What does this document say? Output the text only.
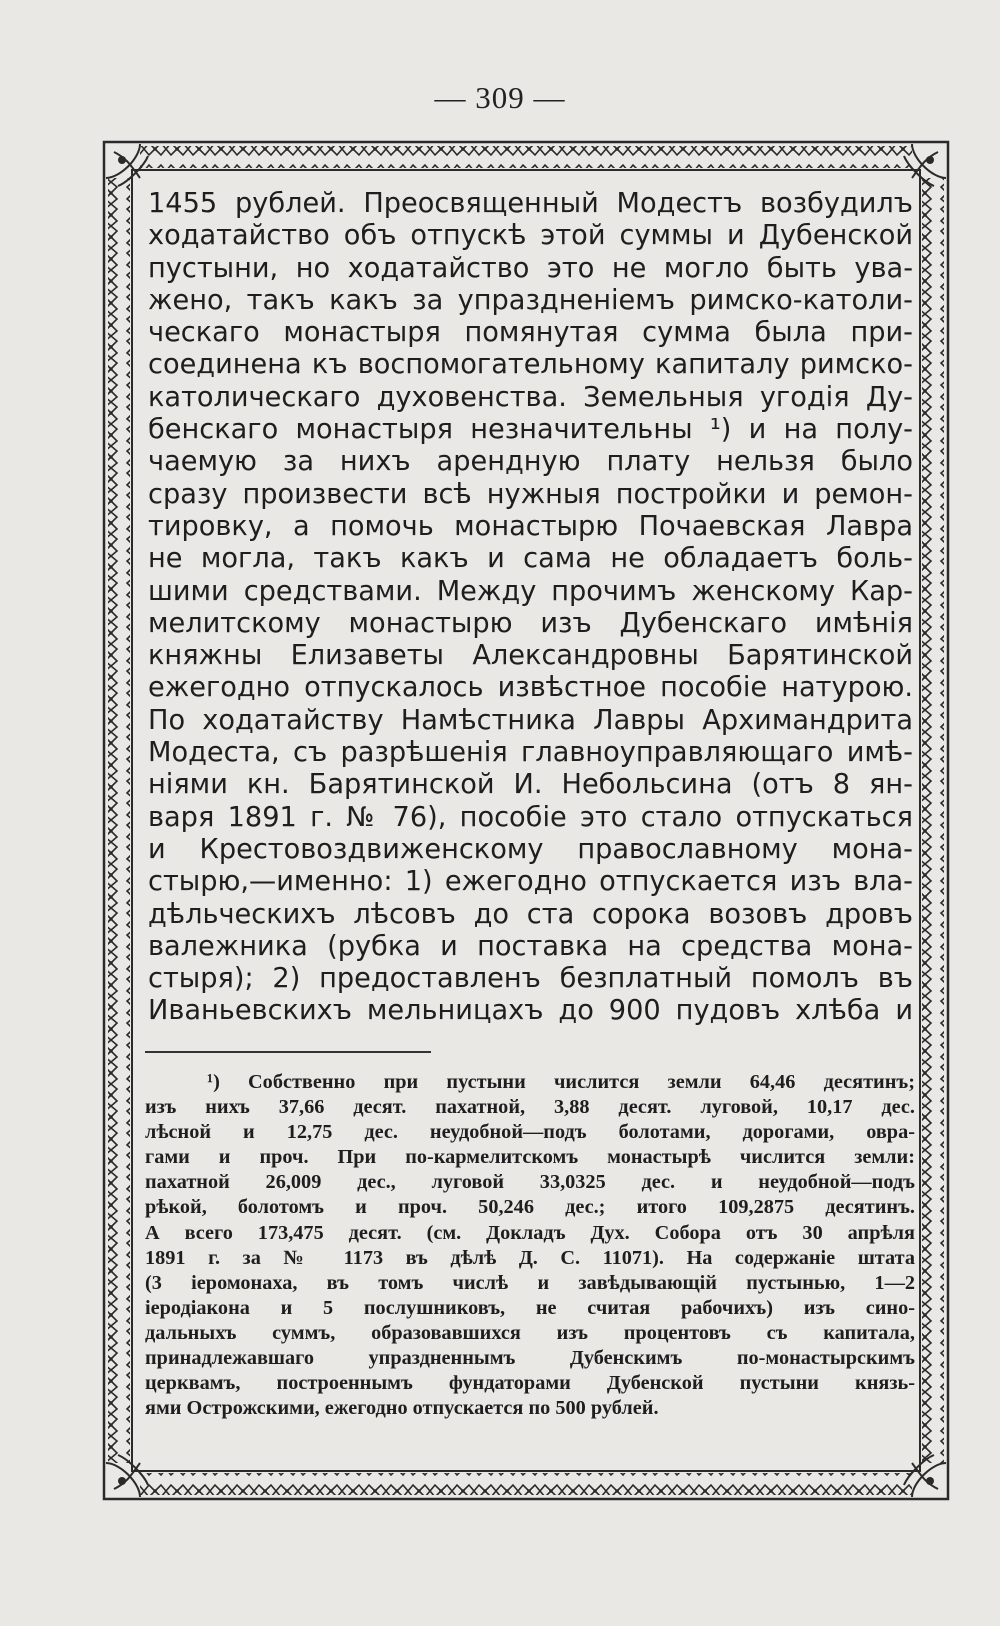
— 309 —
1455 рублей. Преосвященный Модестъ возбудилъ
ходатайство объ отпускѣ этой суммы и Дубенской
пустыни, но ходатайство это не могло быть ува-
жено, такъ какъ за упраздненіемъ римско-католи-
ческаго монастыря помянутая сумма была при-
соединена къ воспомогательному капиталу римско-
католическаго духовенства. Земельныя угодія Ду-
бенскаго монастыря незначительны ¹) и на полу-
чаемую за нихъ арендную плату нельзя было
сразу произвести всѣ нужныя постройки и ремон-
тировку, а помочь монастырю Почаевская Лавра
не могла, такъ какъ и сама не обладаетъ боль-
шими средствами. Между прочимъ женскому Кар-
мелитскому монастырю изъ Дубенскаго имѣнія
княжны Елизаветы Александровны Барятинской
ежегодно отпускалось извѣстное пособіе натурою.
По ходатайству Намѣстника Лавры Архимандрита
Модеста, съ разрѣшенія главноуправляющаго имѣ-
ніями кн. Барятинской И. Небольсина (отъ 8 ян-
варя 1891 г. № 76), пособіе это стало отпускаться
и Крестовоздвиженскому православному мона-
стырю,—именно: 1) ежегодно отпускается изъ вла-
дѣльческихъ лѣсовъ до ста сорока возовъ дровъ
валежника (рубка и поставка на средства мона-
стыря); 2) предоставленъ безплатный помолъ въ
Иваньевскихъ мельницахъ до 900 пудовъ хлѣба и
¹) Собственно при пустыни числится земли 64,46 десятинъ;
изъ нихъ 37,66 десят. пахатной, 3,88 десят. луговой, 10,17 дес.
лѣсной и 12,75 дес. неудобной—подъ болотами, дорогами, овра-
гами и проч. При по-кармелитскомъ монастырѣ числится земли:
пахатной 26,009 дес., луговой 33,0325 дес. и неудобной—подъ
рѣкой, болотомъ и проч. 50,246 дес.; итого 109,2875 десятинъ.
А всего 173,475 десят. (см. Докладъ Дух. Собора отъ 30 апрѣля
1891 г. за № 1173 въ дѣлѣ Д. С. 11071). На содержаніе штата
(3 іеромонаха, въ томъ числѣ и завѣдывающій пустынью, 1—2
іеродіакона и 5 послушниковъ, не считая рабочихъ) изъ сино-
дальныхъ суммъ, образовавшихся изъ процентовъ съ капитала,
принадлежавшаго упраздненнымъ Дубенскимъ по-монастырскимъ
церквамъ, построеннымъ фундаторами Дубенской пустыни князь-
ями Острожскими, ежегодно отпускается по 500 рублей.
